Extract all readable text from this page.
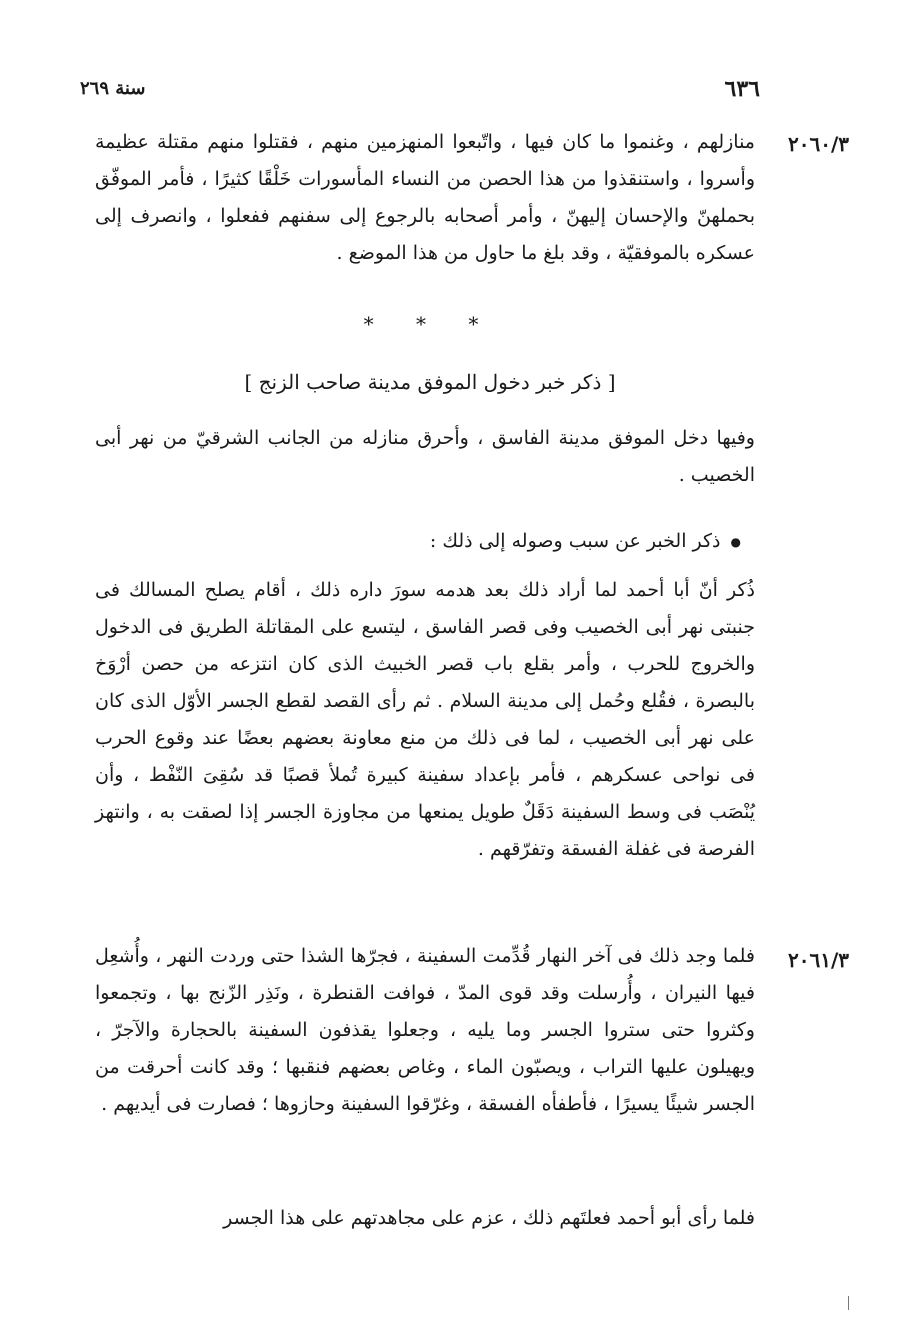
٦٣٦
سنة ٢٦٩
٢٠٦٠/٣
منازلهم ، وغنموا ما كان فيها ، واتّبعوا المنهزمين منهم ، فقتلوا منهم مقتلة عظيمة وأسروا ، واستنقذوا من هذا الحصن من النساء المأسورات خَلْقًا كثيرًا ، فأمر الموفّق بحملهنّ والإحسان إليهنّ ، وأمر أصحابه بالرجوع إلى سفنهم ففعلوا ، وانصرف إلى عسكره بالموفقيّة ، وقد بلغ ما حاول من هذا الموضع .
* * *
[ ذكر خبر دخول الموفق مدينة صاحب الزنج ]
وفيها دخل الموفق مدينة الفاسق ، وأحرق منازله من الجانب الشرقيّ من نهر أبى الخصيب .
●ذكر الخبر عن سبب وصوله إلى ذلك :
ذُكر أنّ أبا أحمد لما أراد ذلك بعد هدمه سورَ داره ذلك ، أقام يصلح المسالك فى جنبتى نهر أبى الخصيب وفى قصر الفاسق ، ليتسع على المقاتلة الطريق فى الدخول والخروج للحرب ، وأمر بقلع باب قصر الخبيث الذى كان انتزعه من حصن أرْوَخ بالبصرة ، فقُلع وحُمل إلى مدينة السلام . ثم رأى القصد لقطع الجسر الأوّل الذى كان على نهر أبى الخصيب ، لما فى ذلك من منع معاونة بعضهم بعضًا عند وقوع الحرب فى نواحى عسكرهم ، فأمر بإعداد سفينة كبيرة تُملأ قصبًا قد سُقِىَ النّفْط ، وأن يُنْصَب فى وسط السفينة دَقَلٌ طويل يمنعها من مجاوزة الجسر إذا لصقت به ، وانتهز الفرصة فى غفلة الفسقة وتفرّقهم .
٢٠٦١/٣
فلما وجد ذلك فى آخر النهار قُدِّمت السفينة ، فجرّها الشذا حتى وردت النهر ، وأُشعِل فيها النيران ، وأُرسلت وقد قوى المدّ ، فوافت القنطرة ، ونَذِر الزّنج بها ، وتجمعوا وكثروا حتى ستروا الجسر وما يليه ، وجعلوا يقذفون السفينة بالحجارة والآجرّ ، ويهيلون عليها التراب ، ويصبّون الماء ، وغاص بعضهم فنقبها ؛ وقد كانت أحرقت من الجسر شيئًا يسيرًا ، فأطفأه الفسقة ، وغرّقوا السفينة وحازوها ؛ فصارت فى أيديهم .
فلما رأى أبو أحمد فعلتَهم ذلك ، عزم على مجاهدتهم على هذا الجسر
